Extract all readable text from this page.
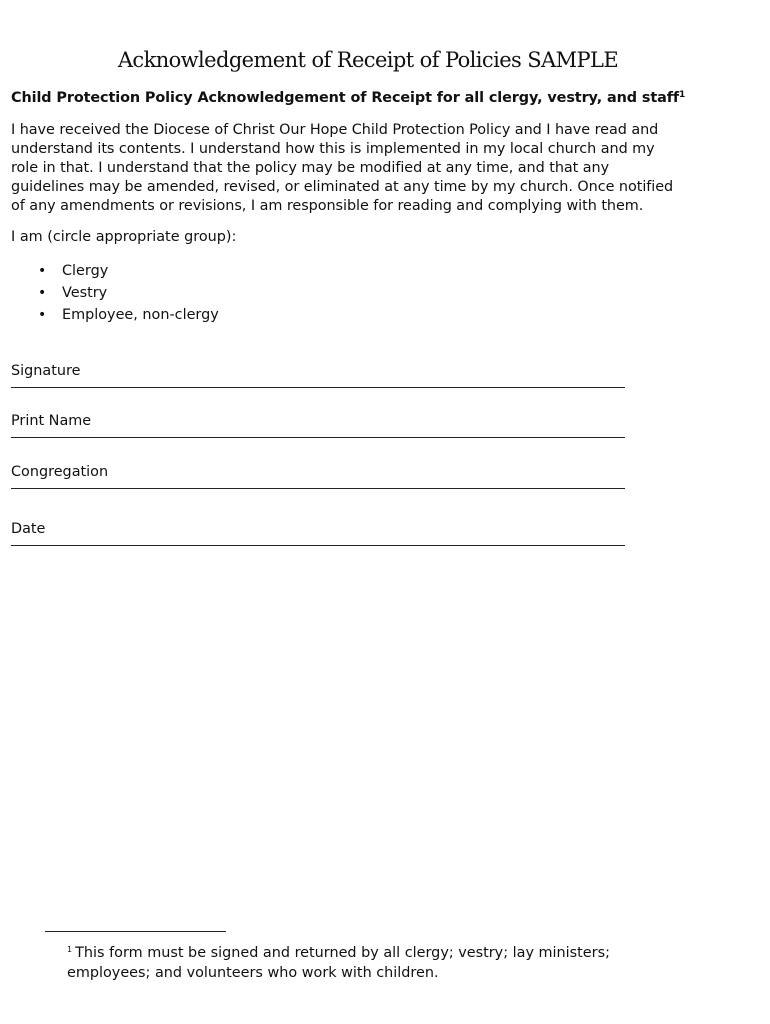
Acknowledgement of Receipt of Policies SAMPLE
Child Protection Policy Acknowledgement of Receipt for all clergy, vestry, and staff$^1$

I have received the Diocese of Christ Our Hope Child Protection Policy and I have read and
understand its contents. I understand how this is implemented in my local church and my
role in that. I understand that the policy may be modified at any time, and that any
guidelines may be amended, revised, or eliminated at any time by my church. Once notified
of any amendments or revisions, I am responsible for reading and complying with them.

I am (circle appropriate group):
• Clergy
• Vestry
• Employee, non-clergy
Signature
Print Name
Congregation
Date

$^1$ This form must be signed and returned by all clergy; vestry; lay ministers;
employees; and volunteers who work with children.
